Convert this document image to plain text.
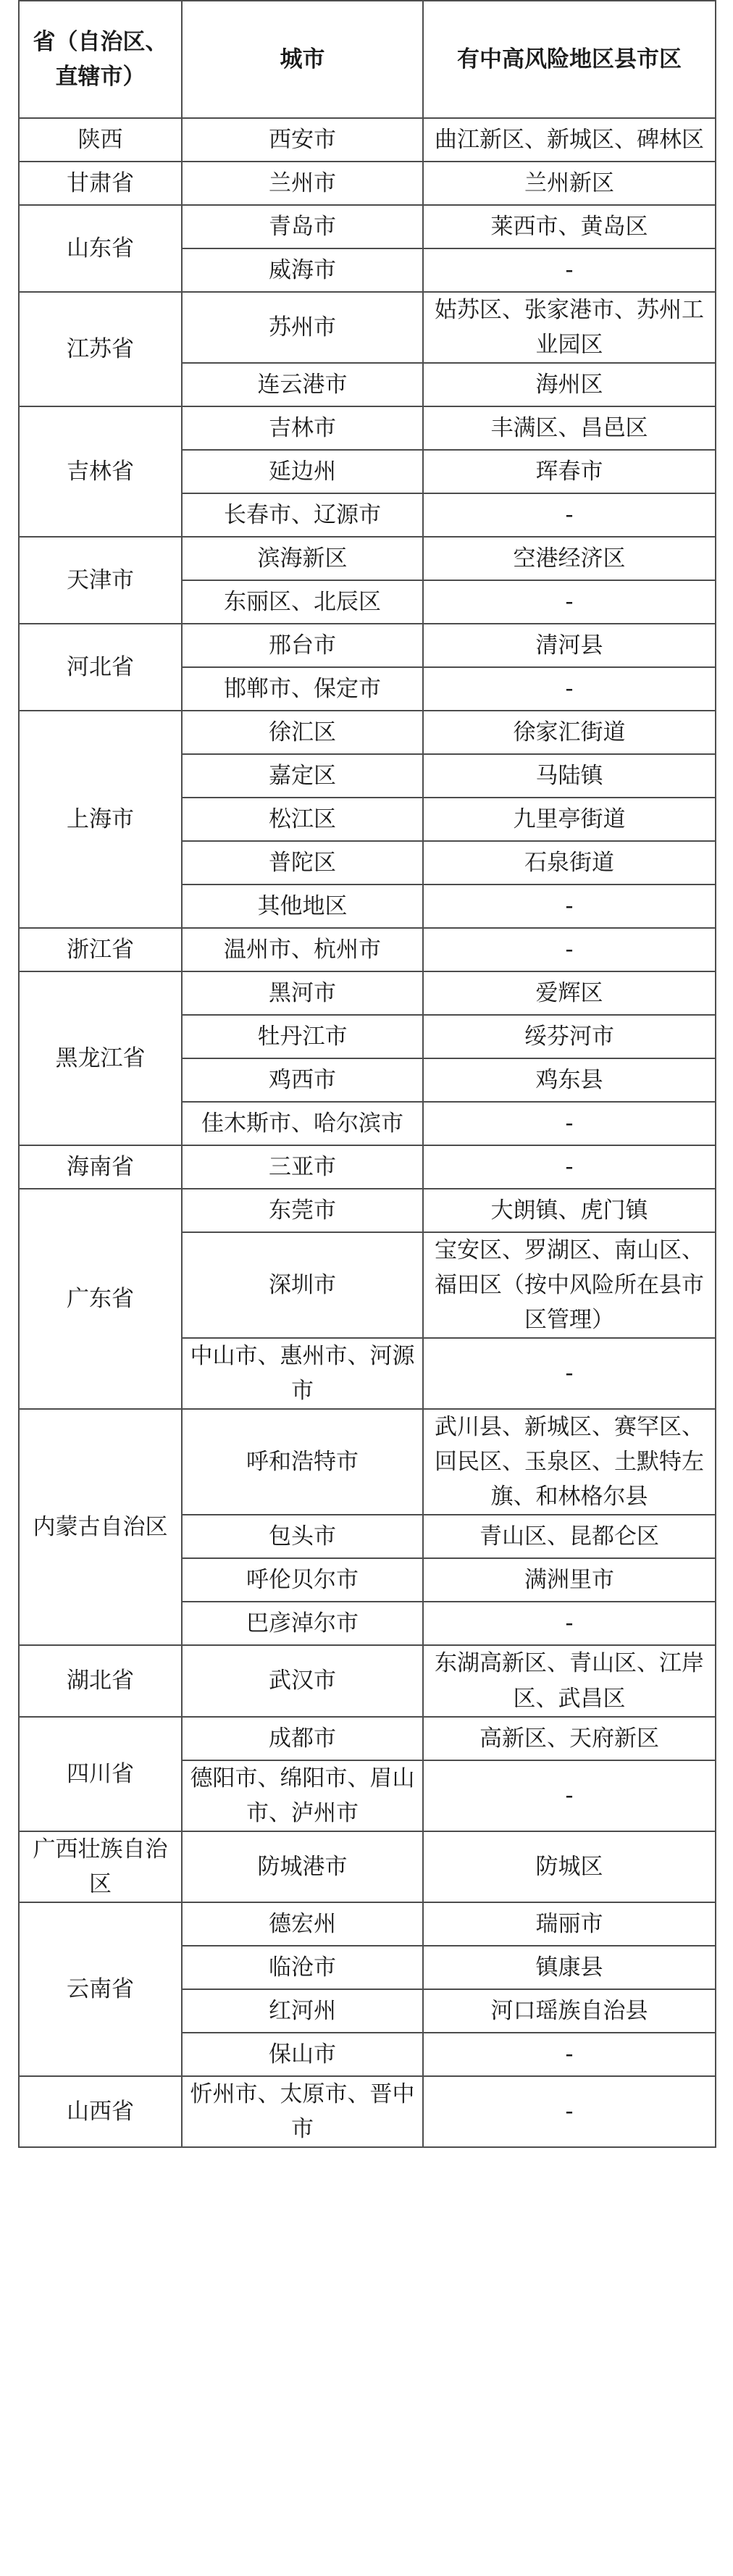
省（自治区、直辖市）	城市	有中高风险地区县市区
陕西	西安市	曲江新区、新城区、碑林区
甘肃省	兰州市	兰州新区
山东省	青岛市	莱西市、黄岛区
	威海市	-
江苏省	苏州市	姑苏区、张家港市、苏州工业园区
	连云港市	海州区
吉林省	吉林市	丰满区、昌邑区
	延边州	珲春市
	长春市、辽源市	-
天津市	滨海新区	空港经济区
	东丽区、北辰区	-
河北省	邢台市	清河县
	邯郸市、保定市	-
上海市	徐汇区	徐家汇街道
	嘉定区	马陆镇
	松江区	九里亭街道
	普陀区	石泉街道
	其他地区	-
浙江省	温州市、杭州市	-
黑龙江省	黑河市	爱辉区
	牡丹江市	绥芬河市
	鸡西市	鸡东县
	佳木斯市、哈尔滨市	-
海南省	三亚市	-
广东省	东莞市	大朗镇、虎门镇
	深圳市	宝安区、罗湖区、南山区、福田区（按中风险所在县市区管理）
	中山市、惠州市、河源市	-
内蒙古自治区	呼和浩特市	武川县、新城区、赛罕区、回民区、玉泉区、土默特左旗、和林格尔县
	包头市	青山区、昆都仑区
	呼伦贝尔市	满洲里市
	巴彦淖尔市	-
湖北省	武汉市	东湖高新区、青山区、江岸区、武昌区
四川省	成都市	高新区、天府新区
	德阳市、绵阳市、眉山市、泸州市	-
广西壮族自治区	防城港市	防城区
云南省	德宏州	瑞丽市
	临沧市	镇康县
	红河州	河口瑶族自治县
	保山市	-
山西省	忻州市、太原市、晋中市	-
